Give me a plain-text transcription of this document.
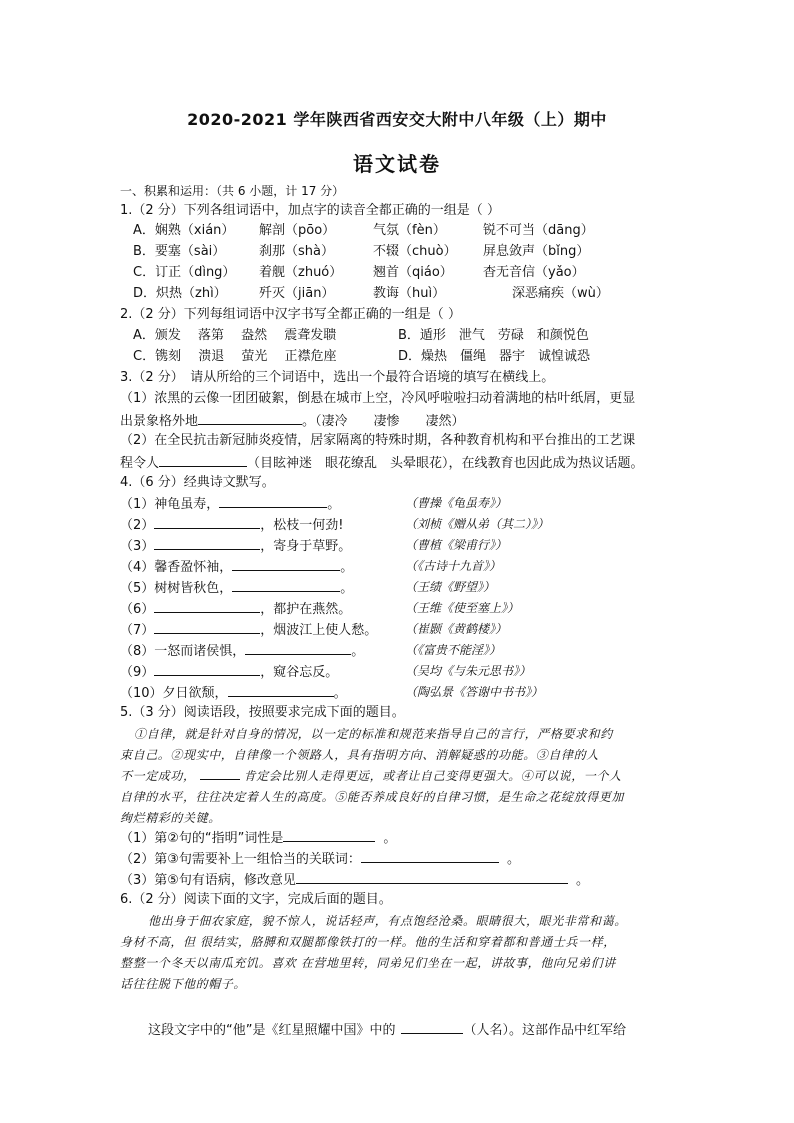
2020-2021 学年陕西省西安交大附中八年级（上）期中
语文试卷
一、积累和运用：（共 6 小题，计 17 分）
1.（2 分）下列各组词语中，加点字的读音全都正确的一组是（ ）
A．娴熟（xián） 解剖（pōo）	气氛（fèn）	锐不可当（dāng）
B．要塞（sài）	刹那（shà）	不辍（chuò） 屏息敛声（bǐng）
C．订正（dìng） 着舰（zhuó） 翘首（qiáo） 杳无音信（yǎo）
D．炽热（zhì） 歼灭（jiān）	教诲（huì）	深恶痛疾（wù）
2.（2 分）下列每组词语中汉字书写全都正确的一组是（ ）
A．颁发　 落第　 盎然　 震聋发聩	B．遁形　泄气　劳碌　和颜悦色
C．镌刻　 溃退　 萤光　 正襟危座	D．燥热　僵绳　器宇　诚惶诚恐
3.（2 分）　请从所给的三个词语中，选出一个最符合语境的填写在横线上。
（1）浓黑的云像一团团破絮，倒悬在城市上空，冷风呼啦啦扫动着满地的枯叶纸屑，更显
出景象格外地	。（凄冷　　凄惨　　凄然）
（2）在全民抗击新冠肺炎疫情，居家隔离的特殊时期，各种教育机构和平台推出的工艺课
程令人	（目眩神迷　眼花缭乱　头晕眼花），在线教育也因此成为热议话题。
4.（6 分）经典诗文默写。
（1）神龟虽寿，	。	（曹操《龟虽寿》）
（2）	，松枝一何劲!	（刘桢《赠从弟（其二）》）
（3）	，寄身于草野。	（曹植《梁甫行》）
（4）馨香盈怀袖，	。	（《古诗十九首》）
（5）树树皆秋色，	。	（王绩《野望》）
（6）	，都护在燕然。	（王维《使至塞上》）
（7）	，烟波江上使人愁。 （崔颢《黄鹤楼》）
（8）一怒而诸侯惧，	。	（《富贵不能淫》）
（9）	，窥谷忘反。	（吴均《与朱元思书》）
（10）夕日欲颓，	。	（陶弘景《答谢中书书》）
5.（3 分）阅读语段，按照要求完成下面的题目。
①自律，就是针对自身的情况，以一定的标准和规范来指导自己的言行，严格要求和约
束自己。②现实中，自律像一个领路人，具有指明方向、消解疑惑的功能。③自律的人
不一定成功，	肯定会比别人走得更远，或者让自己变得更强大。④可以说，一个人
自律的水平，往往决定着人生的高度。⑤能否养成良好的自律习惯，是生命之花绽放得更加
绚烂精彩的关键。
（1）第②句的“指明”词性是	。
（2）第③句需要补上一组恰当的关联词：	。
（3）第⑤句有语病，修改意见	。
6.（2 分）阅读下面的文字，完成后面的题目。
他出身于佃农家庭，貌不惊人，说话轻声，有点饱经沧桑。眼睛很大，眼光非常和蔼。
身材不高，但 很结实，胳膊和双腿都像铁打的一样。他的生活和穿着都和普通士兵一样，
整整一个冬天以南瓜充饥。喜欢 在营地里转，同弟兄们坐在一起，讲故事，他向兄弟们讲
话往往脱下他的帽子。
这段文字中的“他”是《红星照耀中国》中的	（人名）。这部作品中红军给
